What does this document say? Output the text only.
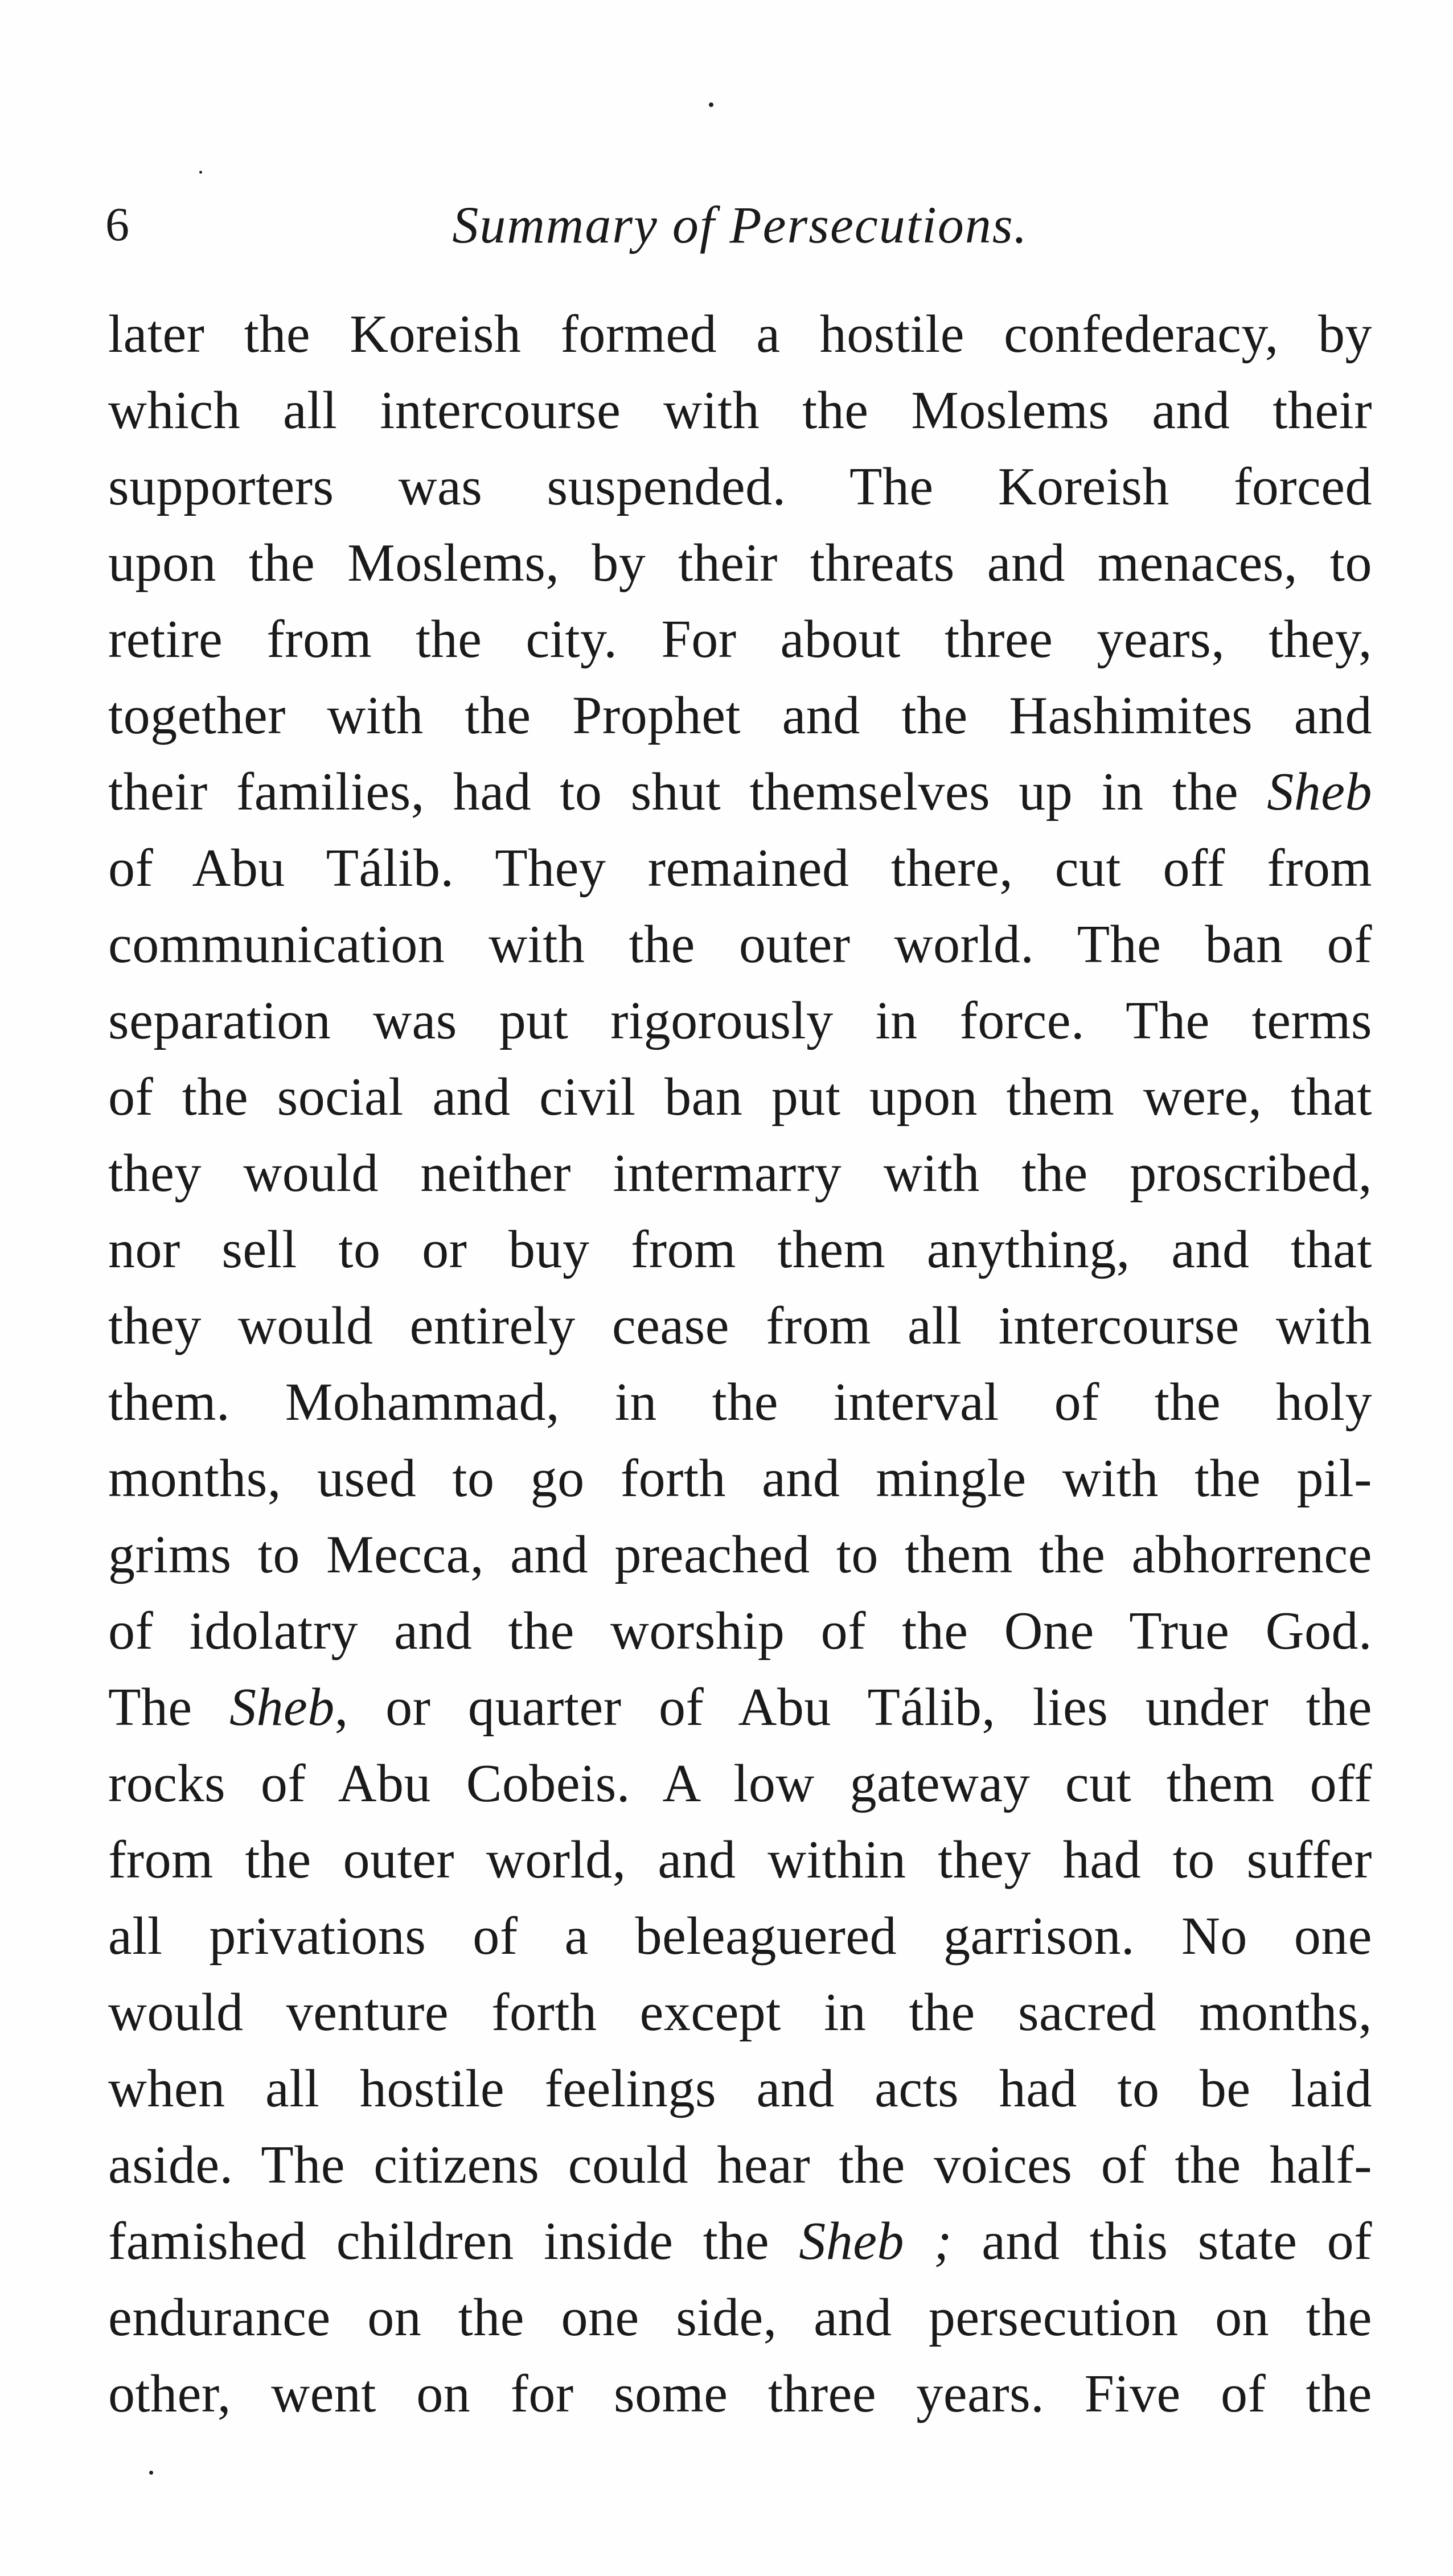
6	Summary of Persecutions.
later the Koreish formed a hostile confederacy, by
which all intercourse with the Moslems and their
supporters was suspended. The Koreish forced
upon the Moslems, by their threats and menaces, to
retire from the city. For about three years, they,
together with the Prophet and the Hashimites and
their families, had to shut themselves up in the Sheb
of Abu Tálib. They remained there, cut off from
communication with the outer world. The ban of
separation was put rigorously in force. The terms
of the social and civil ban put upon them were, that
they would neither intermarry with the proscribed,
nor sell to or buy from them anything, and that
they would entirely cease from all intercourse with
them. Mohammad, in the interval of the holy
months, used to go forth and mingle with the pil-
grims to Mecca, and preached to them the abhorrence
of idolatry and the worship of the One True God.
The Sheb, or quarter of Abu Tálib, lies under the
rocks of Abu Cobeis. A low gateway cut them off
from the outer world, and within they had to suffer
all privations of a beleaguered garrison. No one
would venture forth except in the sacred months,
when all hostile feelings and acts had to be laid
aside. The citizens could hear the voices of the half-
famished children inside the Sheb ; and this state of
endurance on the one side, and persecution on the
other, went on for some three years. Five of the
